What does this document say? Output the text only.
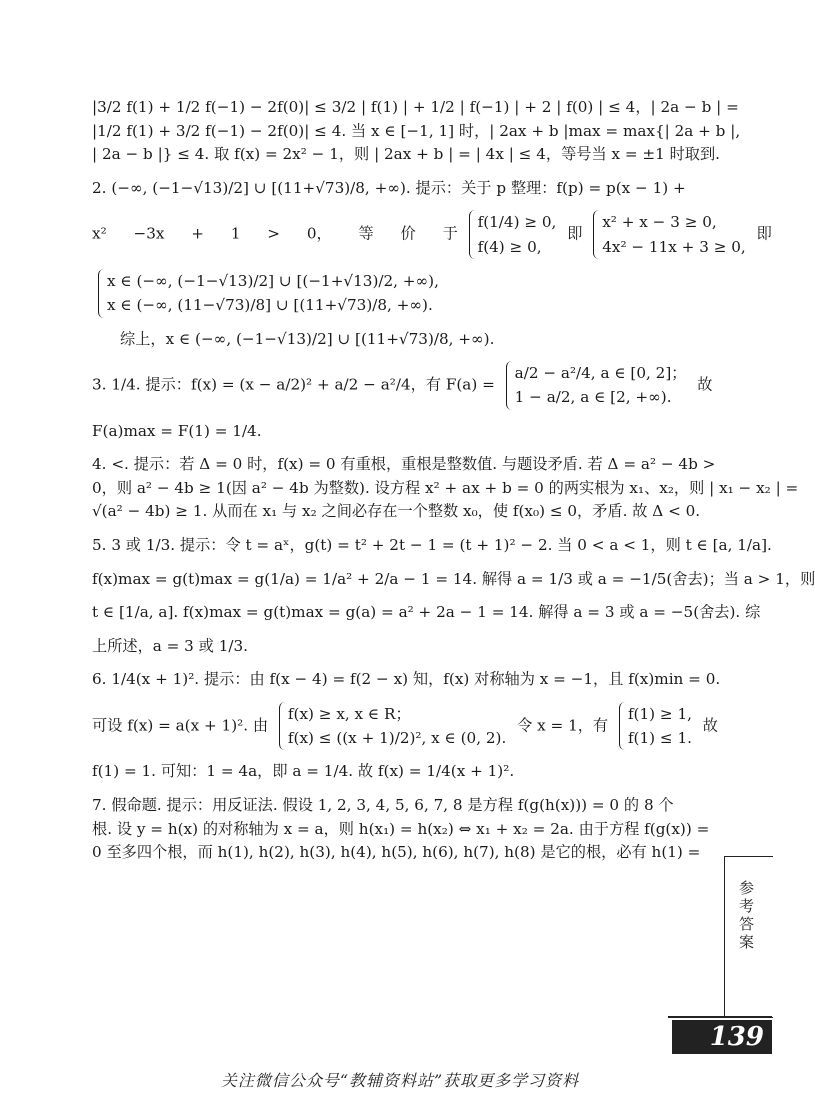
|3/2 f(1) + 1/2 f(−1) − 2f(0)| ≤ 3/2 | f(1) | + 1/2 | f(−1) | + 2 | f(0) | ≤ 4，| 2a − b | =

|1/2 f(1) + 3/2 f(−1) − 2f(0)| ≤ 4. 当 x ∈ [−1, 1] 时，| 2ax + b |max = max{| 2a + b |,

| 2a − b |} ≤ 4. 取 f(x) = 2x² − 1，则 | 2ax + b | = | 4x | ≤ 4，等号当 x = ±1 时取到.

2. (−∞, (−1−√13)/2] ∪ [(11+√73)/8, +∞). 提示：关于 p 整理：f(p) = p(x − 1) +

x² −3x + 1 > 0， 等 价 于
f(1/4) ≥ 0,
f(4) ≥ 0,
即
x² + x − 3 ≥ 0,
4x² − 11x + 3 ≥ 0,
即
x ∈ (−∞, (−1−√13)/2] ∪ [(−1+√13)/2, +∞),
x ∈ (−∞, (11−√73)/8] ∪ [(11+√73)/8, +∞).

综上，x ∈ (−∞, (−1−√13)/2] ∪ [(11+√73)/8, +∞).

3. 1/4. 提示：f(x) = (x − a/2)² + a/2 − a²/4，有 F(a) =
a/2 − a²/4, a ∈ [0, 2]；
1 − a/2, a ∈ [2, +∞).
故

F(a)max = F(1) = 1/4.

4. <. 提示：若 Δ = 0 时，f(x) = 0 有重根，重根是整数值. 与题设矛盾. 若 Δ = a² − 4b >

0，则 a² − 4b ≥ 1(因 a² − 4b 为整数). 设方程 x² + ax + b = 0 的两实根为 x₁、x₂，则 | x₁ − x₂ | =

√(a² − 4b) ≥ 1. 从而在 x₁ 与 x₂ 之间必存在一个整数 x₀，使 f(x₀) ≤ 0，矛盾. 故 Δ < 0.

5. 3 或 1/3. 提示：令 t = aˣ，g(t) = t² + 2t − 1 = (t + 1)² − 2. 当 0 < a < 1，则 t ∈ [a, 1/a].

f(x)max = g(t)max = g(1/a) = 1/a² + 2/a − 1 = 14. 解得 a = 1/3 或 a = −1/5(舍去)；当 a > 1，则

t ∈ [1/a, a]. f(x)max = g(t)max = g(a) = a² + 2a − 1 = 14. 解得 a = 3 或 a = −5(舍去). 综

上所述，a = 3 或 1/3.

6. 1/4(x + 1)². 提示：由 f(x − 4) = f(2 − x) 知，f(x) 对称轴为 x = −1，且 f(x)min = 0.

可设 f(x) = a(x + 1)². 由
f(x) ≥ x, x ∈ R；
f(x) ≤ ((x + 1)/2)², x ∈ (0, 2).
令 x = 1，有
f(1) ≥ 1,
f(1) ≤ 1.
故

f(1) = 1. 可知：1 = 4a，即 a = 1/4. 故 f(x) = 1/4(x + 1)².

7. 假命题. 提示：用反证法. 假设 1, 2, 3, 4, 5, 6, 7, 8 是方程 f(g(h(x))) = 0 的 8 个

根. 设 y = h(x) 的对称轴为 x = a，则 h(x₁) = h(x₂) ⇔ x₁ + x₂ = 2a. 由于方程 f(g(x)) =

0 至多四个根，而 h(1), h(2), h(3), h(4), h(5), h(6), h(7), h(8) 是它的根，必有 h(1) =

参考答案
139
关注微信公众号“教辅资料站”获取更多学习资料
